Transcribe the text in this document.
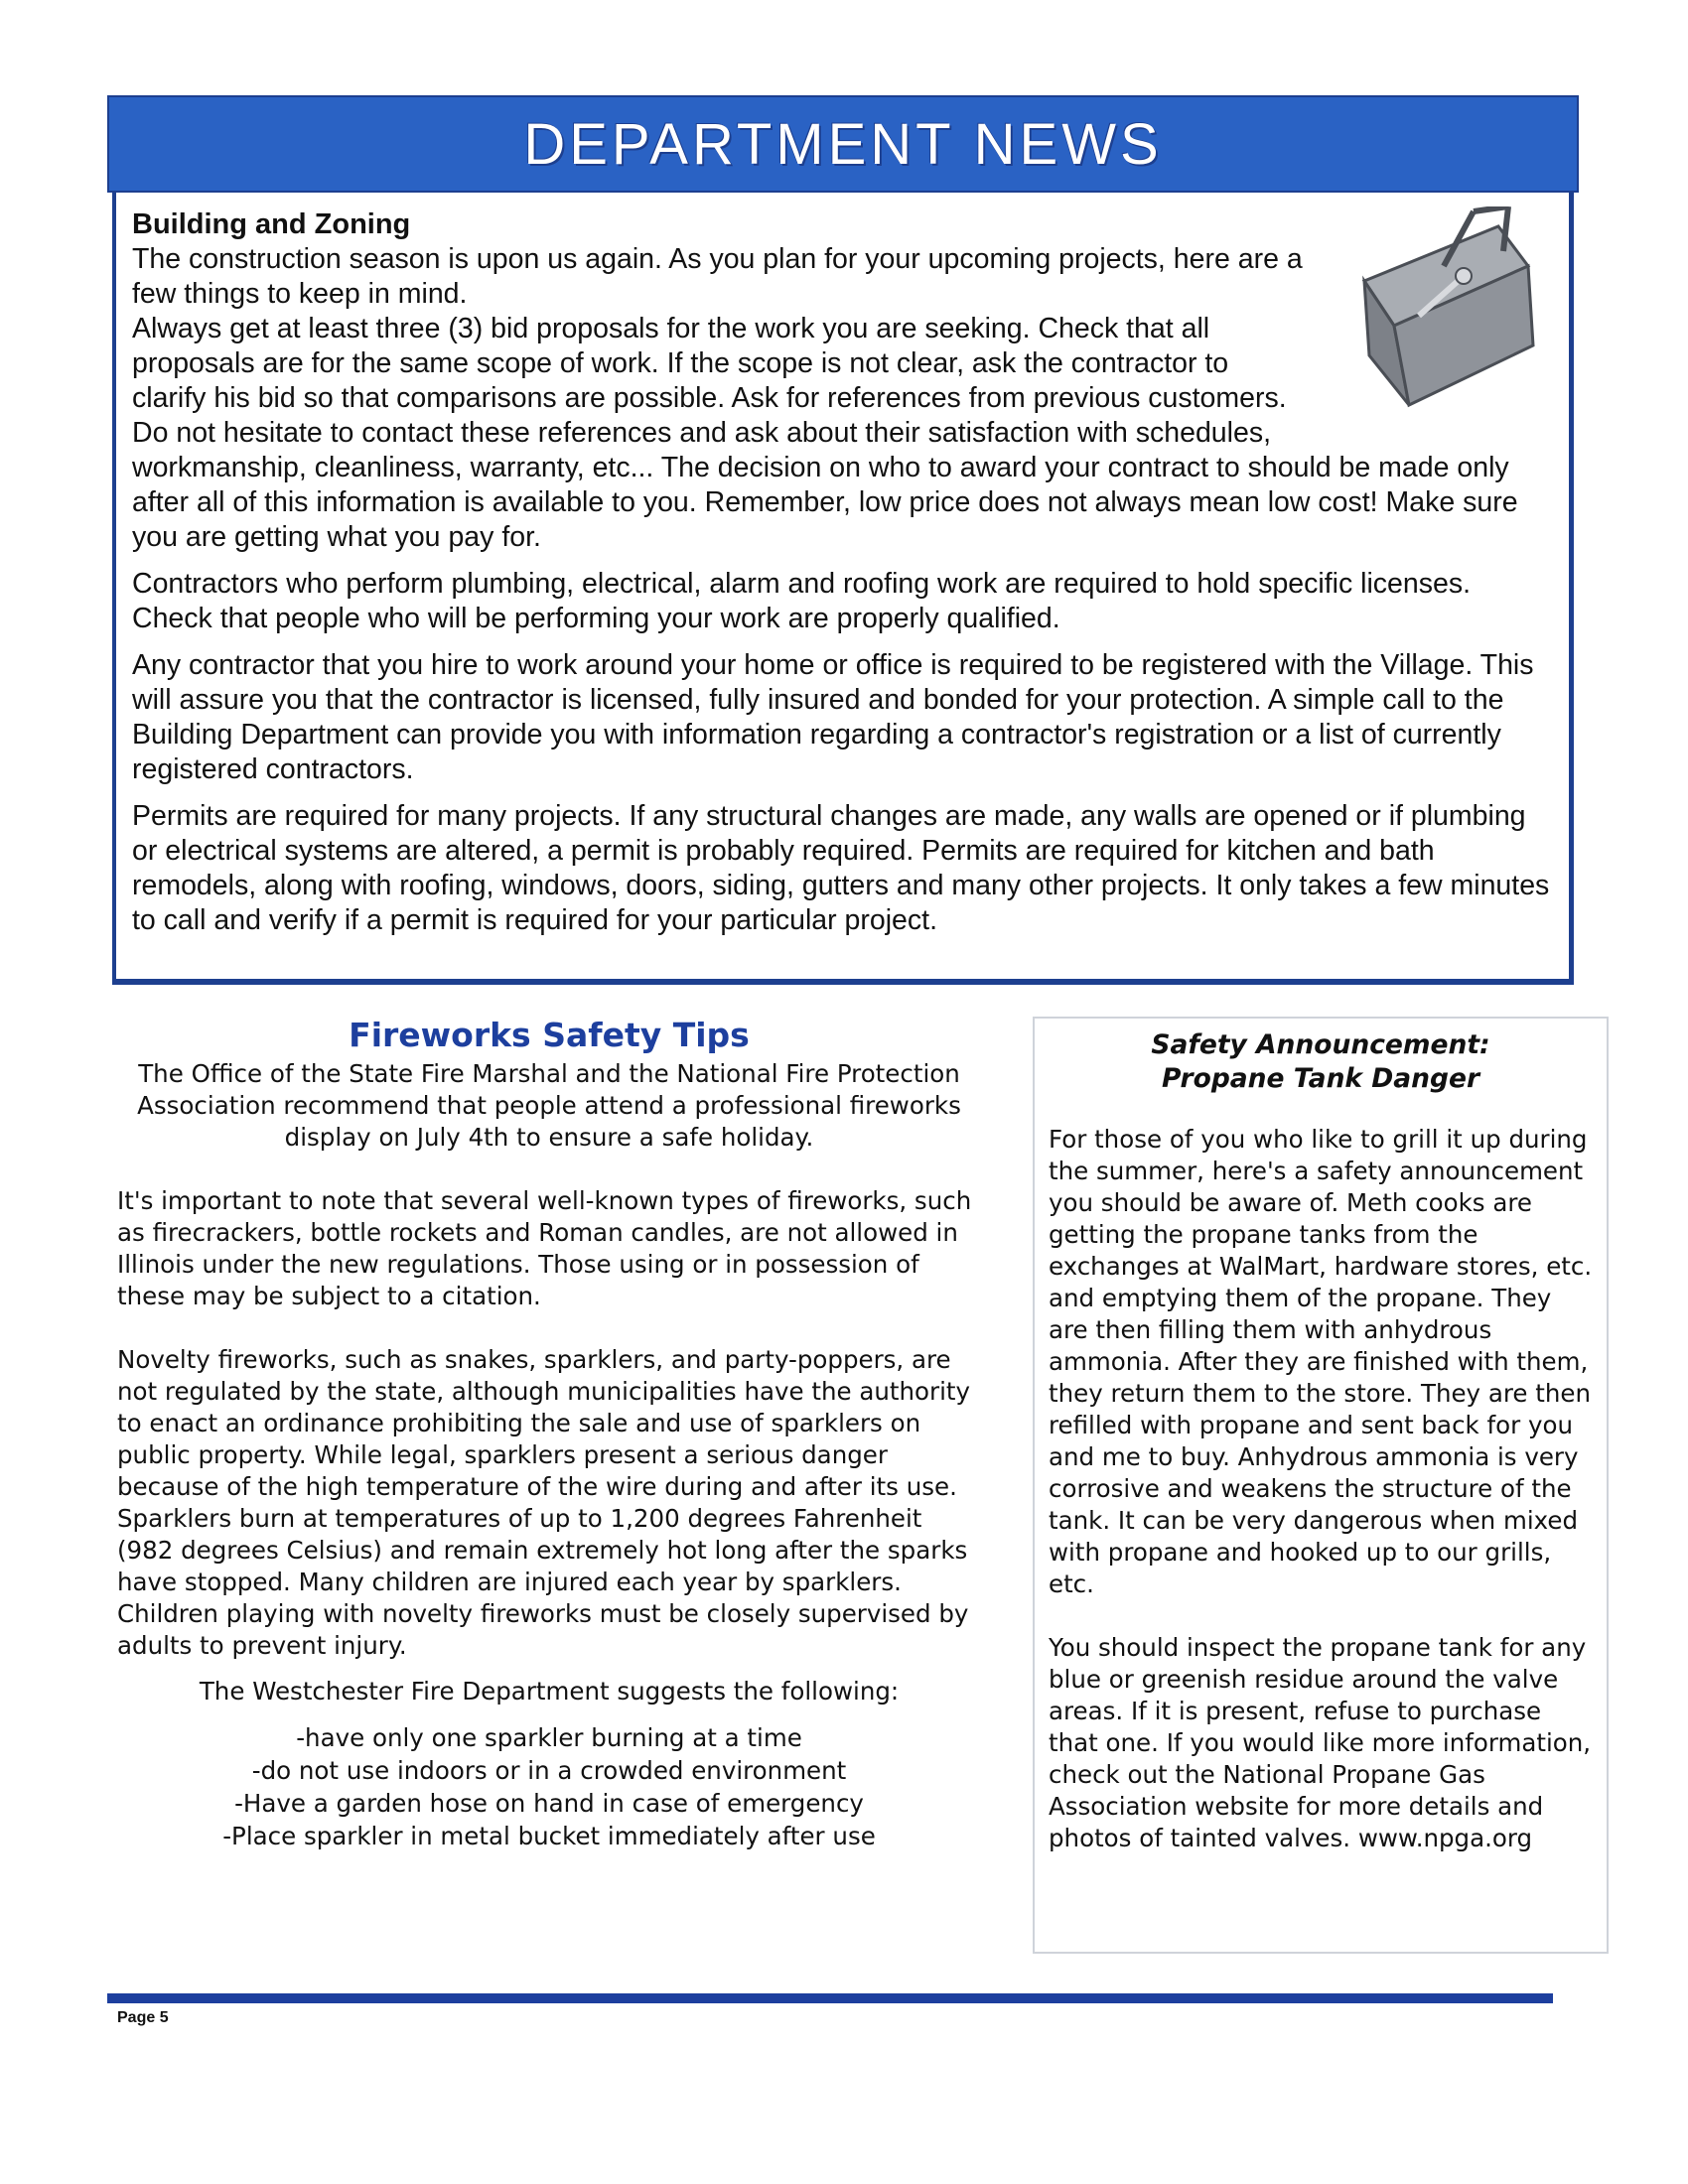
DEPARTMENT NEWS
Building and Zoning

The construction season is upon us again. As you plan for your upcoming projects, here are a few things to keep in mind.

Always get at least three (3) bid proposals for the work you are seeking. Check that all proposals are for the same scope of work. If the scope is not clear, ask the contractor to clarify his bid so that comparisons are possible. Ask for references from previous customers. Do not hesitate to contact these references and ask about their satisfaction with schedules, workmanship, cleanliness, warranty, etc... The decision on who to award your contract to should be made only after all of this information is available to you. Remember, low price does not always mean low cost! Make sure you are getting what you pay for.

Contractors who perform plumbing, electrical, alarm and roofing work are required to hold specific licenses. Check that people who will be performing your work are properly qualified.

Any contractor that you hire to work around your home or office is required to be registered with the Village. This will assure you that the contractor is licensed, fully insured and bonded for your protection. A simple call to the Building Department can provide you with information regarding a contractor's registration or a list of currently registered contractors.

Permits are required for many projects. If any structural changes are made, any walls are opened or if plumbing or electrical systems are altered, a permit is probably required. Permits are required for kitchen and bath remodels, along with roofing, windows, doors, siding, gutters and many other projects. It only takes a few minutes to call and verify if a permit is required for your particular project.

Fireworks Safety Tips

The Office of the State Fire Marshal and the National Fire Protection Association recommend that people attend a professional fireworks display on July 4th to ensure a safe holiday.

It's important to note that several well-known types of fireworks, such as firecrackers, bottle rockets and Roman candles, are not allowed in Illinois under the new regulations. Those using or in possession of these may be subject to a citation.

Novelty fireworks, such as snakes, sparklers, and party-poppers, are not regulated by the state, although municipalities have the authority to enact an ordinance prohibiting the sale and use of sparklers on public property. While legal, sparklers present a serious danger because of the high temperature of the wire during and after its use. Sparklers burn at temperatures of up to 1,200 degrees Fahrenheit (982 degrees Celsius) and remain extremely hot long after the sparks have stopped. Many children are injured each year by sparklers. Children playing with novelty fireworks must be closely supervised by adults to prevent injury.

The Westchester Fire Department suggests the following:

-have only one sparkler burning at a time
-do not use indoors or in a crowded environment
-Have a garden hose on hand in case of emergency
-Place sparkler in metal bucket immediately after use
Safety Announcement:
Propane Tank Danger

For those of you who like to grill it up during the summer, here's a safety announcement you should be aware of. Meth cooks are getting the propane tanks from the exchanges at WalMart, hardware stores, etc. and emptying them of the propane. They are then filling them with anhydrous ammonia. After they are finished with them, they return them to the store. They are then refilled with propane and sent back for you and me to buy. Anhydrous ammonia is very corrosive and weakens the structure of the tank. It can be very dangerous when mixed with propane and hooked up to our grills, etc.

You should inspect the propane tank for any blue or greenish residue around the valve areas. If it is present, refuse to purchase that one. If you would like more information, check out the National Propane Gas Association website for more details and photos of tainted valves. www.npga.org

Page 5
